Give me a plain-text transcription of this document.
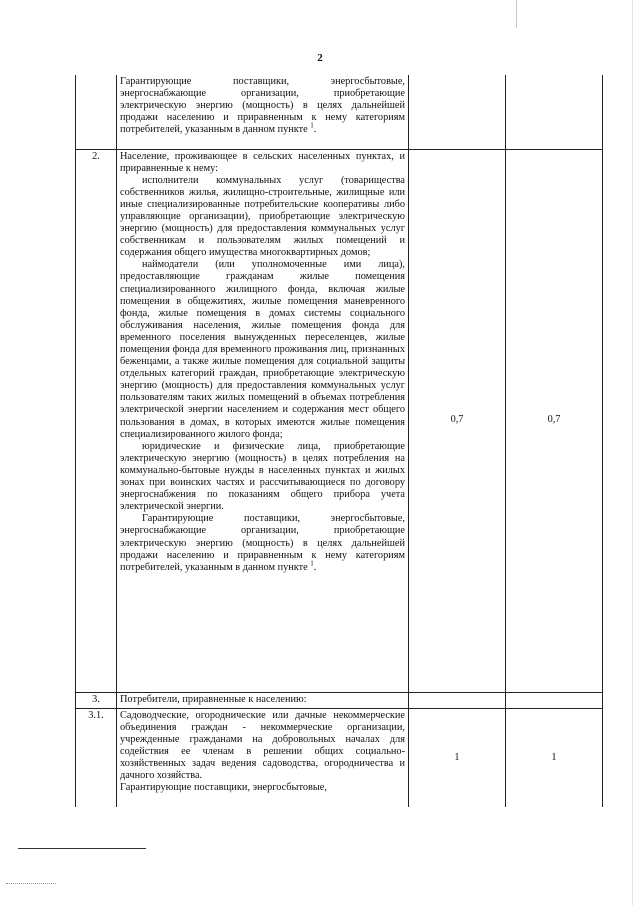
2

	Гарантирующие поставщики, энергосбытовые, энергоснабжающие организации, приобретающие электрическую энергию (мощность) в целях дальнейшей продажи населению и приравненным к нему категориям потребителей, указанным в данном пункте $^1$.		

2.	Население, проживающее в сельских населенных пунктах, и приравненные к нему:

исполнители коммунальных услуг (товарищества собственников жилья, жилищно-строительные, жилищные или иные специализированные потребительские кооперативы либо управляющие организации), приобретающие электрическую энергию (мощность) для предоставления коммунальных услуг собственникам и пользователям жилых помещений и содержания общего имущества многоквартирных домов;

наймодатели (или уполномоченные ими лица), предоставляющие гражданам жилые помещения специализированного жилищного фонда, включая жилые помещения в общежитиях, жилые помещения маневренного фонда, жилые помещения в домах системы социального обслуживания населения, жилые помещения фонда для временного поселения вынужденных переселенцев, жилые помещения фонда для временного проживания лиц, признанных беженцами, а также жилые помещения для социальной защиты отдельных категорий граждан, приобретающие электрическую энергию (мощность) для предоставления коммунальных услуг пользователям таких жилых помещений в объемах потребления электрической энергии населением и содержания мест общего пользования в домах, в которых имеются жилые помещения специализированного жилого фонда;

юридические и физические лица, приобретающие электрическую энергию (мощность) в целях потребления на коммунально-бытовые нужды в населенных пунктах и жилых зонах при воинских частях и рассчитывающиеся по договору энергоснабжения по показаниям общего прибора учета электрической энергии.

Гарантирующие поставщики, энергосбытовые, энергоснабжающие организации, приобретающие электрическую энергию (мощность) в целях дальнейшей продажи населению и приравненным к нему категориям потребителей, указанным в данном пункте $^1$.	0,7	0,7
3.	Потребители, приравненные к населению:		

3.1.	Садоводческие, огороднические или дачные некоммерческие объединения граждан - некоммерческие организации, учрежденные гражданами на добровольных началах для содействия ее членам в решении общих социально-хозяйственных задач ведения садоводства, огородничества и дачного хозяйства.

Гарантирующие поставщики, энергосбытовые,	1	1
